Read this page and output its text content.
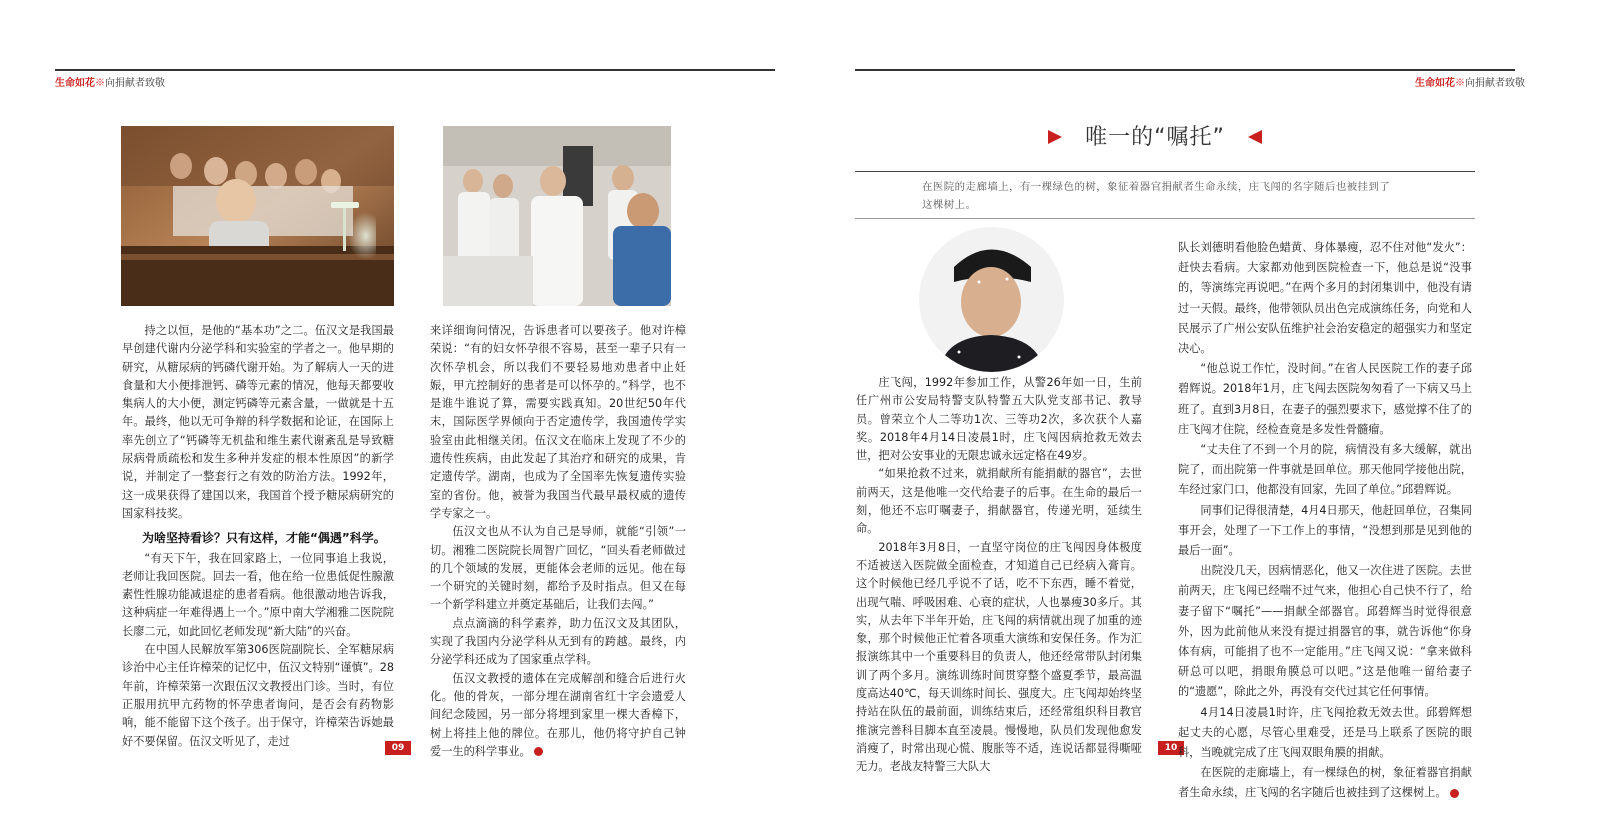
生命如花※向捐献者致敬	生命如花※向捐献者致敬

持之以恒，是他的“基本功”之二。伍汉文是我国最早创建代谢内分泌学科和实验室的学者之一。他早期的研究，从糖尿病的钙磷代谢开始。为了解病人一天的进食量和大小便排泄钙、磷等元素的情况，他每天都要收集病人的大小便，测定钙磷等元素含量，一做就是十五年。最终，他以无可争辩的科学数据和论证，在国际上率先创立了“钙磷等无机盐和维生素代谢紊乱是导致糖尿病骨质疏松和发生多种并发症的根本性原因”的新学说，并制定了一整套行之有效的防治方法。1992年，这一成果获得了建国以来，我国首个授予糖尿病研究的国家科技奖。

为啥坚持看诊？只有这样，才能“偶遇”科学。

“有天下午，我在回家路上，一位同事追上我说，老师让我回医院。回去一看，他在给一位患低促性腺激素性性腺功能减退症的患者看病。他很激动地告诉我，这种病症一年难得遇上一个。”原中南大学湘雅二医院院长廖二元，如此回忆老师发现“新大陆”的兴奋。

在中国人民解放军第306医院副院长、全军糖尿病诊治中心主任许樟荣的记忆中，伍汉文特别“谨慎”。28年前，许樟荣第一次跟伍汉文教授出门诊。当时，有位正服用抗甲亢药物的怀孕患者询问，是否会有药物影响，能不能留下这个孩子。出于保守，许樟荣告诉她最好不要保留。伍汉文听见了，走过

来详细询问情况，告诉患者可以要孩子。他对许樟荣说：“有的妇女怀孕很不容易，甚至一辈子只有一次怀孕机会，所以我们不要轻易地劝患者中止妊娠，甲亢控制好的患者是可以怀孕的。”科学，也不是谁牛谁说了算，需要实践真知。20世纪50年代末，国际医学界倾向于否定遗传学，我国遗传学实验室由此相继关闭。伍汉文在临床上发现了不少的遗传性疾病，由此发起了其治疗和研究的成果，肯定遗传学。湖南，也成为了全国率先恢复遗传实验室的省份。他，被誉为我国当代最早最权威的遗传学专家之一。

伍汉文也从不认为自己是导师，就能“引领”一切。湘雅二医院院长周智广回忆，“回头看老师做过的几个领域的发展，更能体会老师的远见。他在每一个研究的关键时刻，都给予及时指点。但又在每一个新学科建立并奠定基础后，让我们去闯。”

点点滴滴的科学素养，助力伍汉文及其团队，实现了我国内分泌学科从无到有的跨越。最终，内分泌学科还成为了国家重点学科。

伍汉文教授的遗体在完成解剖和缝合后进行火化。他的骨灰，一部分埋在湖南省红十字会遗爱人间纪念陵园，另一部分将埋到家里一棵大香樟下，树上将挂上他的牌位。在那儿，他仍将守护自己钟爱一生的科学事业。

09	10
唯一的“嘱托”
在医院的走廊墙上，有一棵绿色的树，象征着器官捐献者生命永续，庄飞闯的名字随后也被挂到了这棵树上。

庄飞闯，1992年参加工作，从警26年如一日，生前任广州市公安局特警支队特警五大队党支部书记、教导员。曾荣立个人二等功1次、三等功2次，多次获个人嘉奖。2018年4月14日凌晨1时，庄飞闯因病抢救无效去世，把对公安事业的无限忠诚永远定格在49岁。

“如果抢救不过来，就捐献所有能捐献的器官”，去世前两天，这是他唯一交代给妻子的后事。在生命的最后一刻，他还不忘叮嘱妻子，捐献器官，传递光明，延续生命。

2018年3月8日，一直坚守岗位的庄飞闯因身体极度不适被送入医院做全面检查，才知道自己已经病入膏肓。这个时候他已经几乎说不了话，吃不下东西，睡不着觉，出现气喘、呼吸困难、心衰的症状，人也暴瘦30多斤。其实，从去年下半年开始，庄飞闯的病情就出现了加重的迹象，那个时候他正忙着各项重大演练和安保任务。作为汇报演练其中一个重要科目的负责人，他还经常带队封闭集训了两个多月。演练训练时间贯穿整个盛夏季节，最高温度高达40℃，每天训练时间长、强度大。庄飞闯却始终坚持站在队伍的最前面，训练结束后，还经常组织科目教官推演完善科目脚本直至凌晨。慢慢地，队员们发现他愈发消瘦了，时常出现心慌、腹胀等不适，连说话都显得嘶哑无力。老战友特警三大队大

队长刘德明看他脸色蜡黄、身体暴瘦，忍不住对他“发火”：赶快去看病。大家都劝他到医院检查一下，他总是说“没事的，等演练完再说吧。”在两个多月的封闭集训中，他没有请过一天假。最终，他带领队员出色完成演练任务，向党和人民展示了广州公安队伍维护社会治安稳定的超强实力和坚定决心。

“他总说工作忙，没时间。”在省人民医院工作的妻子邱碧辉说。2018年1月，庄飞闯去医院匆匆看了一下病又马上班了。直到3月8日，在妻子的强烈要求下，感觉撑不住了的庄飞闯才住院，经检查竟是多发性骨髓瘤。

“丈夫住了不到一个月的院，病情没有多大缓解，就出院了，而出院第一件事就是回单位。那天他同学接他出院，车经过家门口，他都没有回家，先回了单位。”邱碧辉说。

同事们记得很清楚，4月4日那天，他赶回单位，召集同事开会，处理了一下工作上的事情，“没想到那是见到他的最后一面”。

出院没几天，因病情恶化，他又一次住进了医院。去世前两天，庄飞闯已经喘不过气来，他担心自己快不行了，给妻子留下“嘱托”——捐献全部器官。邱碧辉当时觉得很意外，因为此前他从来没有提过捐器官的事，就告诉他“你身体有病，可能捐了也不一定能用。”庄飞闯又说：“拿来做科研总可以吧，捐眼角膜总可以吧。”这是他唯一留给妻子的“遗愿”，除此之外，再没有交代过其它任何事情。

4月14日凌晨1时许，庄飞闯抢救无效去世。邱碧辉想起丈夫的心愿，尽管心里难受，还是马上联系了医院的眼科，当晚就完成了庄飞闯双眼角膜的捐献。

在医院的走廊墙上，有一棵绿色的树，象征着器官捐献者生命永续，庄飞闯的名字随后也被挂到了这棵树上。
